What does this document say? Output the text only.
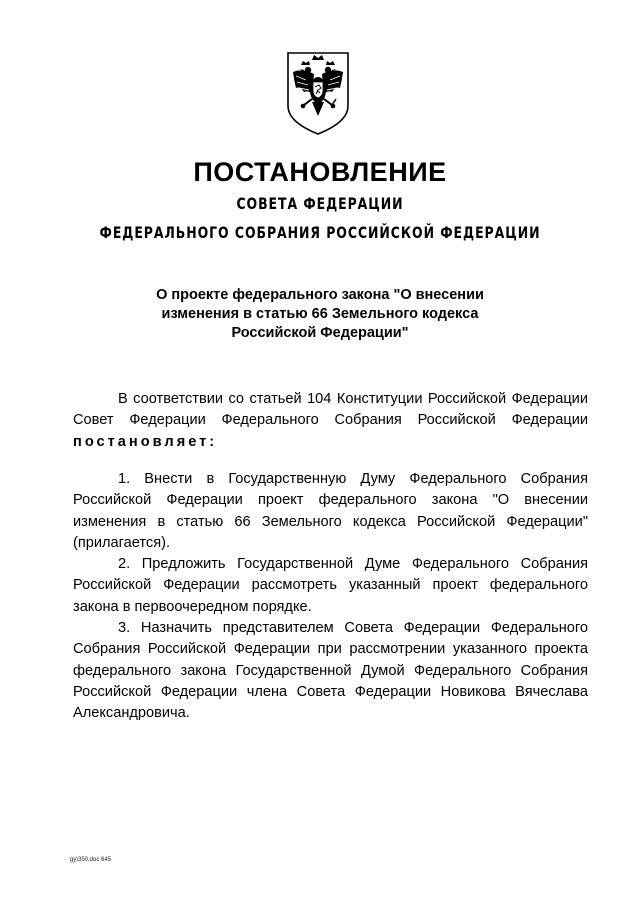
ПОСТАНОВЛЕНИЕ
СОВЕТА ФЕДЕРАЦИИ
ФЕДЕРАЛЬНОГО СОБРАНИЯ РОССИЙСКОЙ ФЕДЕРАЦИИ
О проекте федерального закона "О внесении
изменения в статью 66 Земельного кодекса
Российской Федерации"

В соответствии со статьей 104 Конституции Российской Федерации Совет Федерации Федерального Собрания Российской Федерации постановляет:

1. Внести в Государственную Думу Федерального Собрания Российской Федерации проект федерального закона "О внесении изменения в статью 66 Земельного кодекса Российской Федерации" (прилагается).

2. Предложить Государственной Думе Федерального Собрания Российской Федерации рассмотреть указанный проект федерального закона в первоочередном порядке.

3. Назначить представителем Совета Федерации Федерального Собрания Российской Федерации при рассмотрении указанного проекта федерального закона Государственной Думой Федерального Собрания Российской Федерации члена Совета Федерации Новикова Вячеслава Александровича.

gy\350.doc 645
